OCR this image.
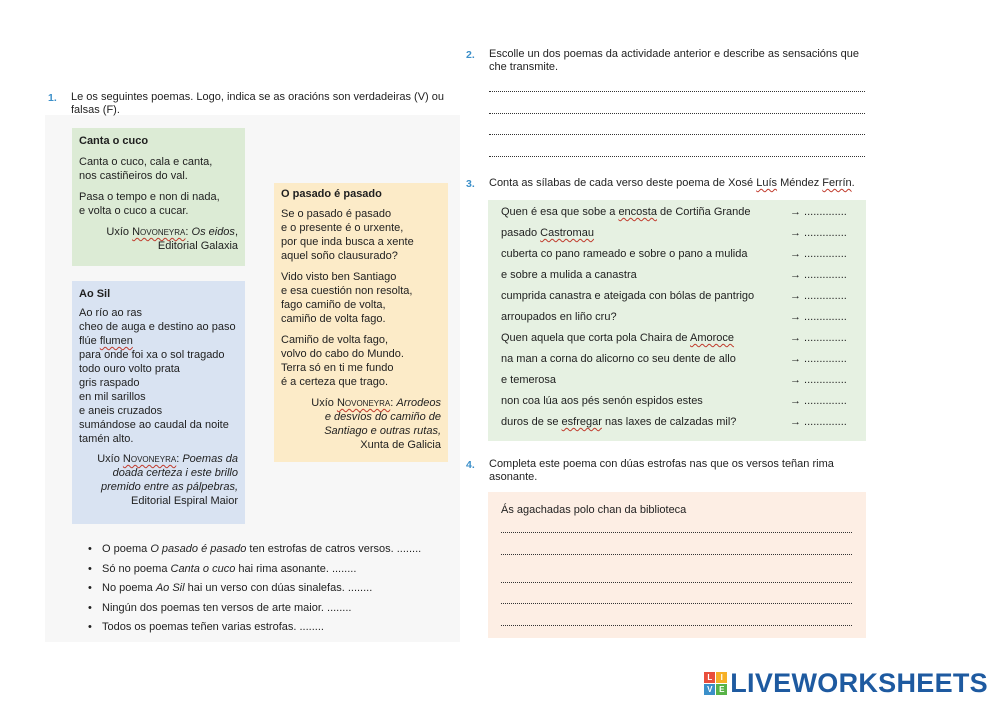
1. Le os seguintes poemas. Logo, indica se as oracións son verdadeiras (V) ou falsas (F).
Canta o cuco

Canta o cuco, cala e canta,
nos castiñeiros do val.

Pasa o tempo e non di nada,
e volta o cuco a cucar.

Uxío Novoneyra: Os eidos,
Editorial Galaxia
Ao Sil

Ao río ao ras
cheo de auga e destino ao paso
flúe flumen
para onde foi xa o sol tragado
todo ouro volto prata
gris raspado
en mil sarillos
e aneis cruzados
sumándose ao caudal da noite
tamén alto.

Uxío Novoneyra: Poemas da
doada certeza i este brillo
premido entre as pálpebras,
Editorial Espiral Maior
O pasado é pasado

Se o pasado é pasado
e o presente é o urxente,
por que inda busca a xente
aquel soño clausurado?

Vido visto ben Santiago
e esa cuestión non resolta,
fago camiño de volta,
camiño de volta fago.

Camiño de volta fago,
volvo do cabo do Mundo.
Terra só en ti me fundo
é a certeza que trago.

Uxío Novoneyra: Arrodeos
e desvíos do camiño de
Santiago e outras rutas,
Xunta de Galicia
• O poema O pasado é pasado ten estrofas de catros versos. ........
• Só no poema Canta o cuco hai rima asonante. ........
• No poema Ao Sil hai un verso con dúas sinalefas. ........
• Ningún dos poemas ten versos de arte maior. ........
• Todos os poemas teñen varias estrofas. ........
2. Escolle un dos poemas da actividade anterior e describe as sensacións que che transmite.
3. Conta as sílabas de cada verso deste poema de Xosé Luís Méndez Ferrín.
Quen é esa que sobe a encosta de Cortiña Grande	→ ..............
pasado Castromau	→ ..............
cuberta co pano rameado e sobre o pano a mulida	→ ..............
e sobre a mulida a canastra	→ ..............
cumprida canastra e ateigada con bólas de pantrigo	→ ..............
arroupados en liño cru?	→ ..............
Quen aquela que corta pola Chaira de Amoroce	→ ..............
na man a corna do alicorno co seu dente de allo	→ ..............
e temerosa	→ ..............
non coa lúa aos pés senón espidos estes	→ ..............
duros de se esfregar nas laxes de calzadas mil?	→ ..............
4. Completa este poema con dúas estrofas nas que os versos teñan rima asonante.
Ás agachadas polo chan da biblioteca
L	I
V E LIVEWORKSHEETS
